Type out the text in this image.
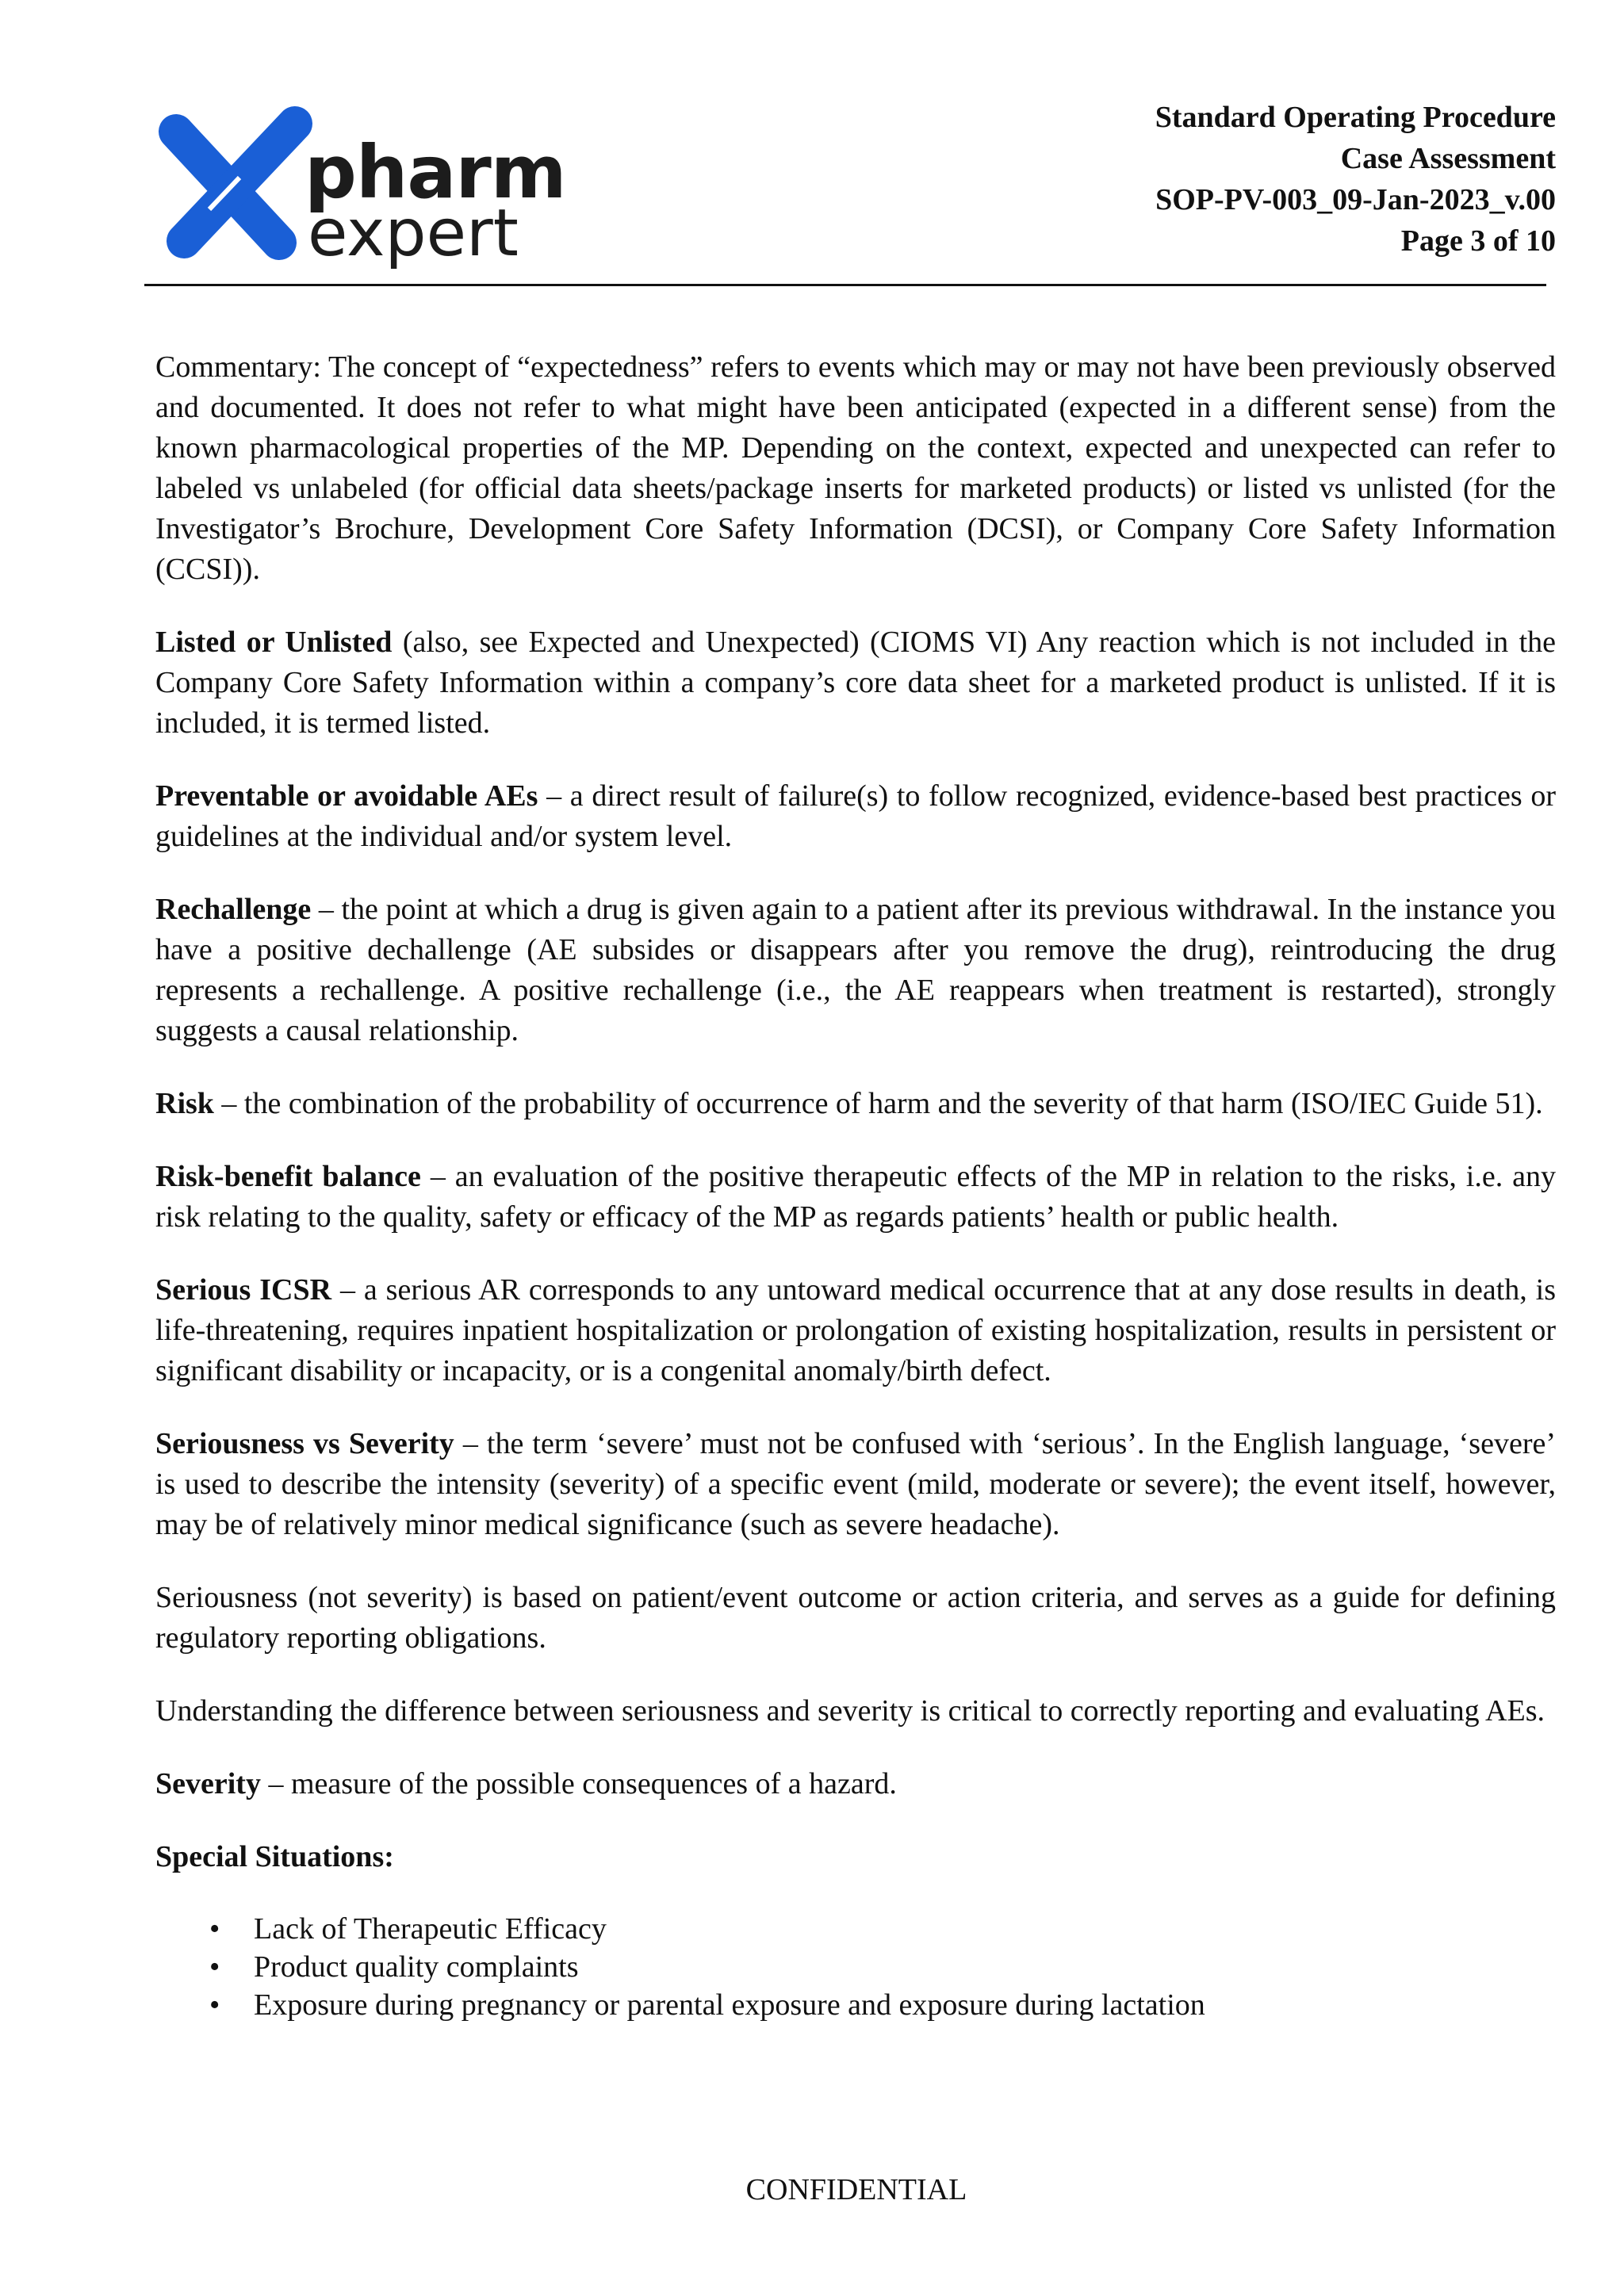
pharm
expert
Standard Operating Procedure
Case Assessment
SOP-PV-003_09-Jan-2023_v.00
Page 3 of 10

Commentary: The concept of “expectedness” refers to events which may or may not have been previously observed and documented. It does not refer to what might have been anticipated (expected in a different sense) from the known pharmacological properties of the MP. Depending on the context, expected and unexpected can refer to labeled vs unlabeled (for official data sheets/package inserts for marketed products) or listed vs unlisted (for the Investigator’s Brochure, Development Core Safety Information (DCSI), or Company Core Safety Information (CCSI)).

Listed or Unlisted (also, see Expected and Unexpected) (CIOMS VI) Any reaction which is not included in the Company Core Safety Information within a company’s core data sheet for a marketed product is unlisted. If it is included, it is termed listed.

Preventable or avoidable AEs – a direct result of failure(s) to follow recognized, evidence-based best practices or guidelines at the individual and/or system level.

Rechallenge – the point at which a drug is given again to a patient after its previous withdrawal. In the instance you have a positive dechallenge (AE subsides or disappears after you remove the drug), reintroducing the drug represents a rechallenge. A positive rechallenge (i.e., the AE reappears when treatment is restarted), strongly suggests a causal relationship.

Risk – the combination of the probability of occurrence of harm and the severity of that harm (ISO/IEC Guide 51).

Risk-benefit balance – an evaluation of the positive therapeutic effects of the MP in relation to the risks, i.e. any risk relating to the quality, safety or efficacy of the MP as regards patients’ health or public health.

Serious ICSR – a serious AR corresponds to any untoward medical occurrence that at any dose results in death, is life-threatening, requires inpatient hospitalization or prolongation of existing hospitalization, results in persistent or significant disability or incapacity, or is a congenital anomaly/birth defect.

Seriousness vs Severity – the term ‘severe’ must not be confused with ‘serious’. In the English language, ‘severe’ is used to describe the intensity (severity) of a specific event (mild, moderate or severe); the event itself, however, may be of relatively minor medical significance (such as severe headache).

Seriousness (not severity) is based on patient/event outcome or action criteria, and serves as a guide for defining regulatory reporting obligations.

Understanding the difference between seriousness and severity is critical to correctly reporting and evaluating AEs.

Severity – measure of the possible consequences of a hazard.

Special Situations:

• Lack of Therapeutic Efficacy
• Product quality complaints
• Exposure during pregnancy or parental exposure and exposure during lactation
CONFIDENTIAL
